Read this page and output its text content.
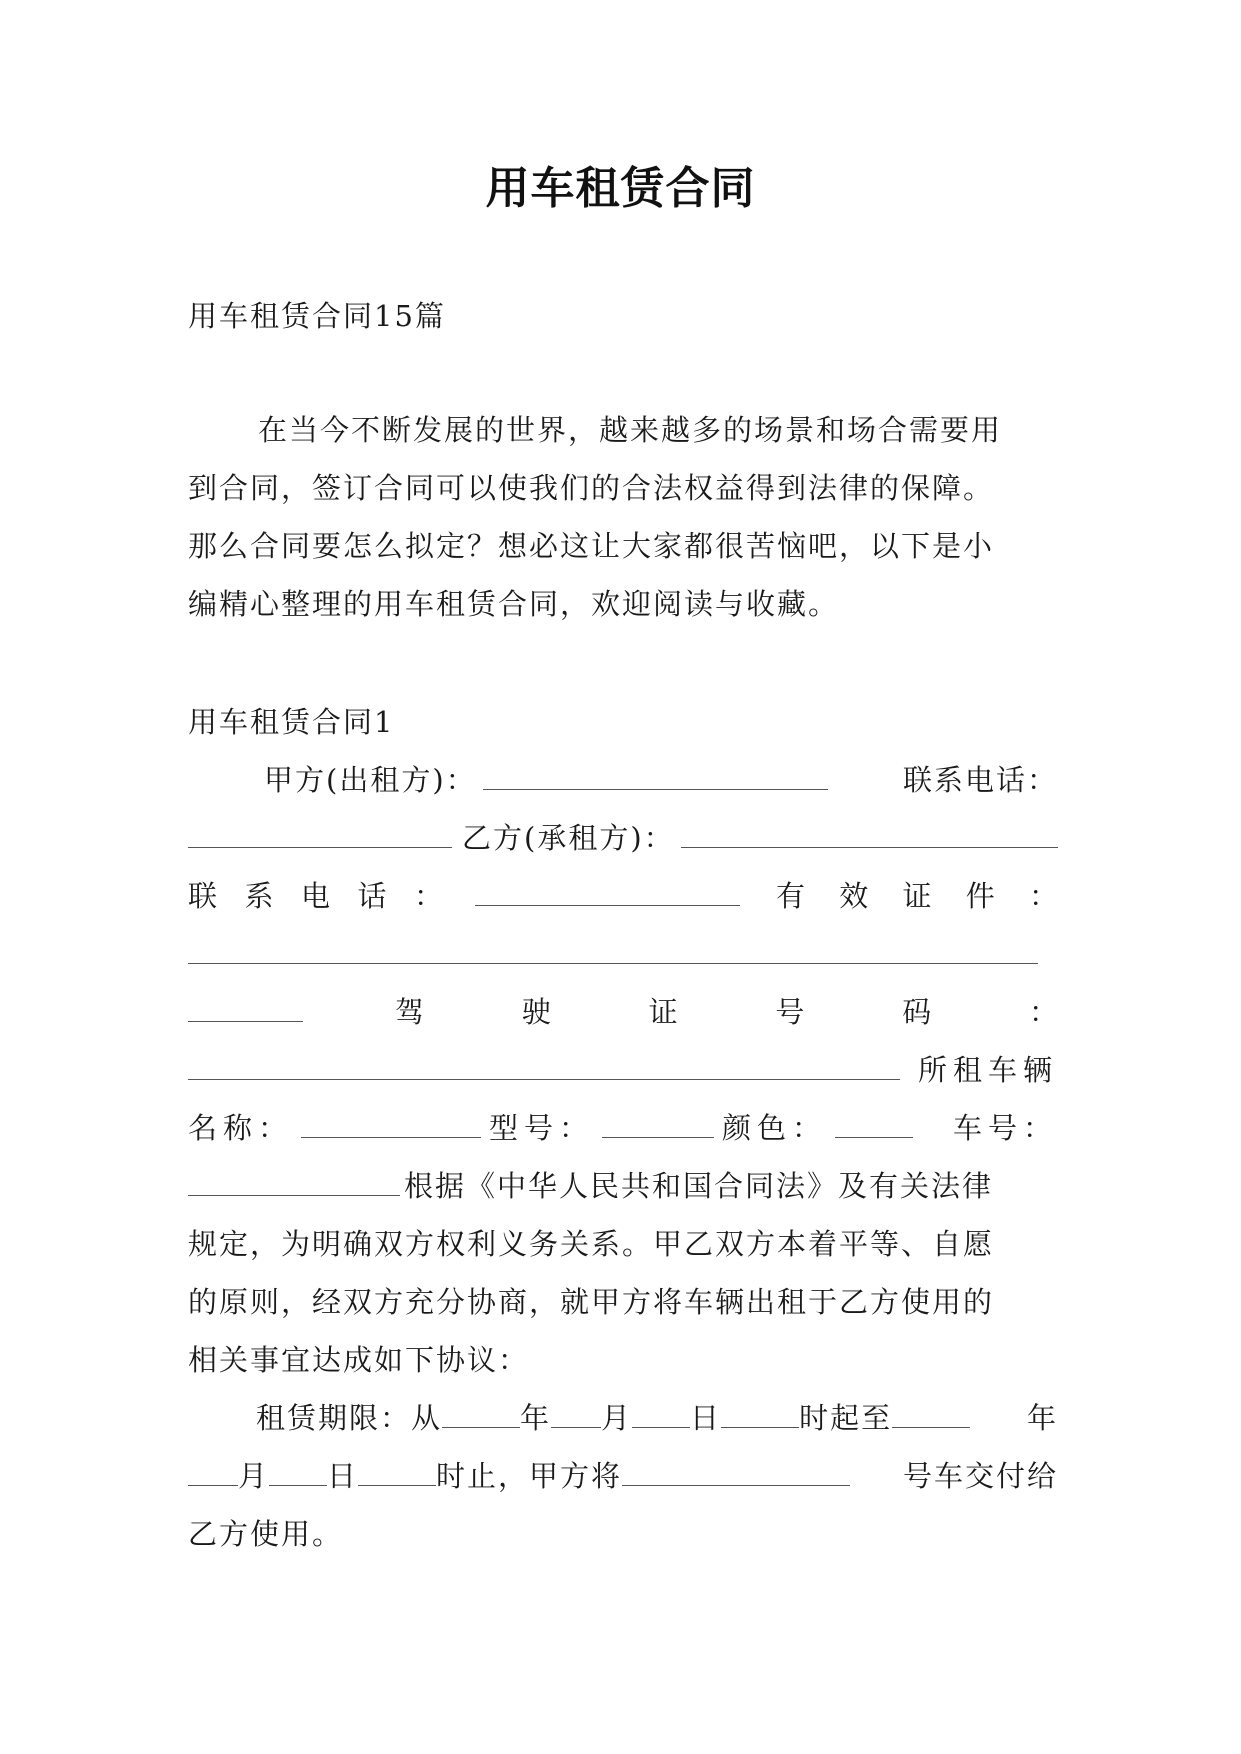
用车租赁合同
用车租赁合同15篇
在当今不断发展的世界，越来越多的场景和场合需要用
到合同，签订合同可以使我们的合法权益得到法律的保障。
那么合同要怎么拟定？想必这让大家都很苦恼吧，以下是小
编精心整理的用车租赁合同，欢迎阅读与收藏。
用车租赁合同1
甲方(出租方)：	联系电话：
乙方(承租方)：
联 系 电 话 ：	有 效 证 件 ：
驾	驶	证	号	码	：
所租车辆
名称：	型号：	颜色：	车号：
根据《中华人民共和国合同法》及有关法律
规定，为明确双方权利义务关系。甲乙双方本着平等、自愿
的原则，经双方充分协商，就甲方将车辆出租于乙方使用的
相关事宜达成如下协议：
租赁期限：从	年 月 日	时起至	年
月 日	时止，甲方将	号车交付给
乙方使用。
